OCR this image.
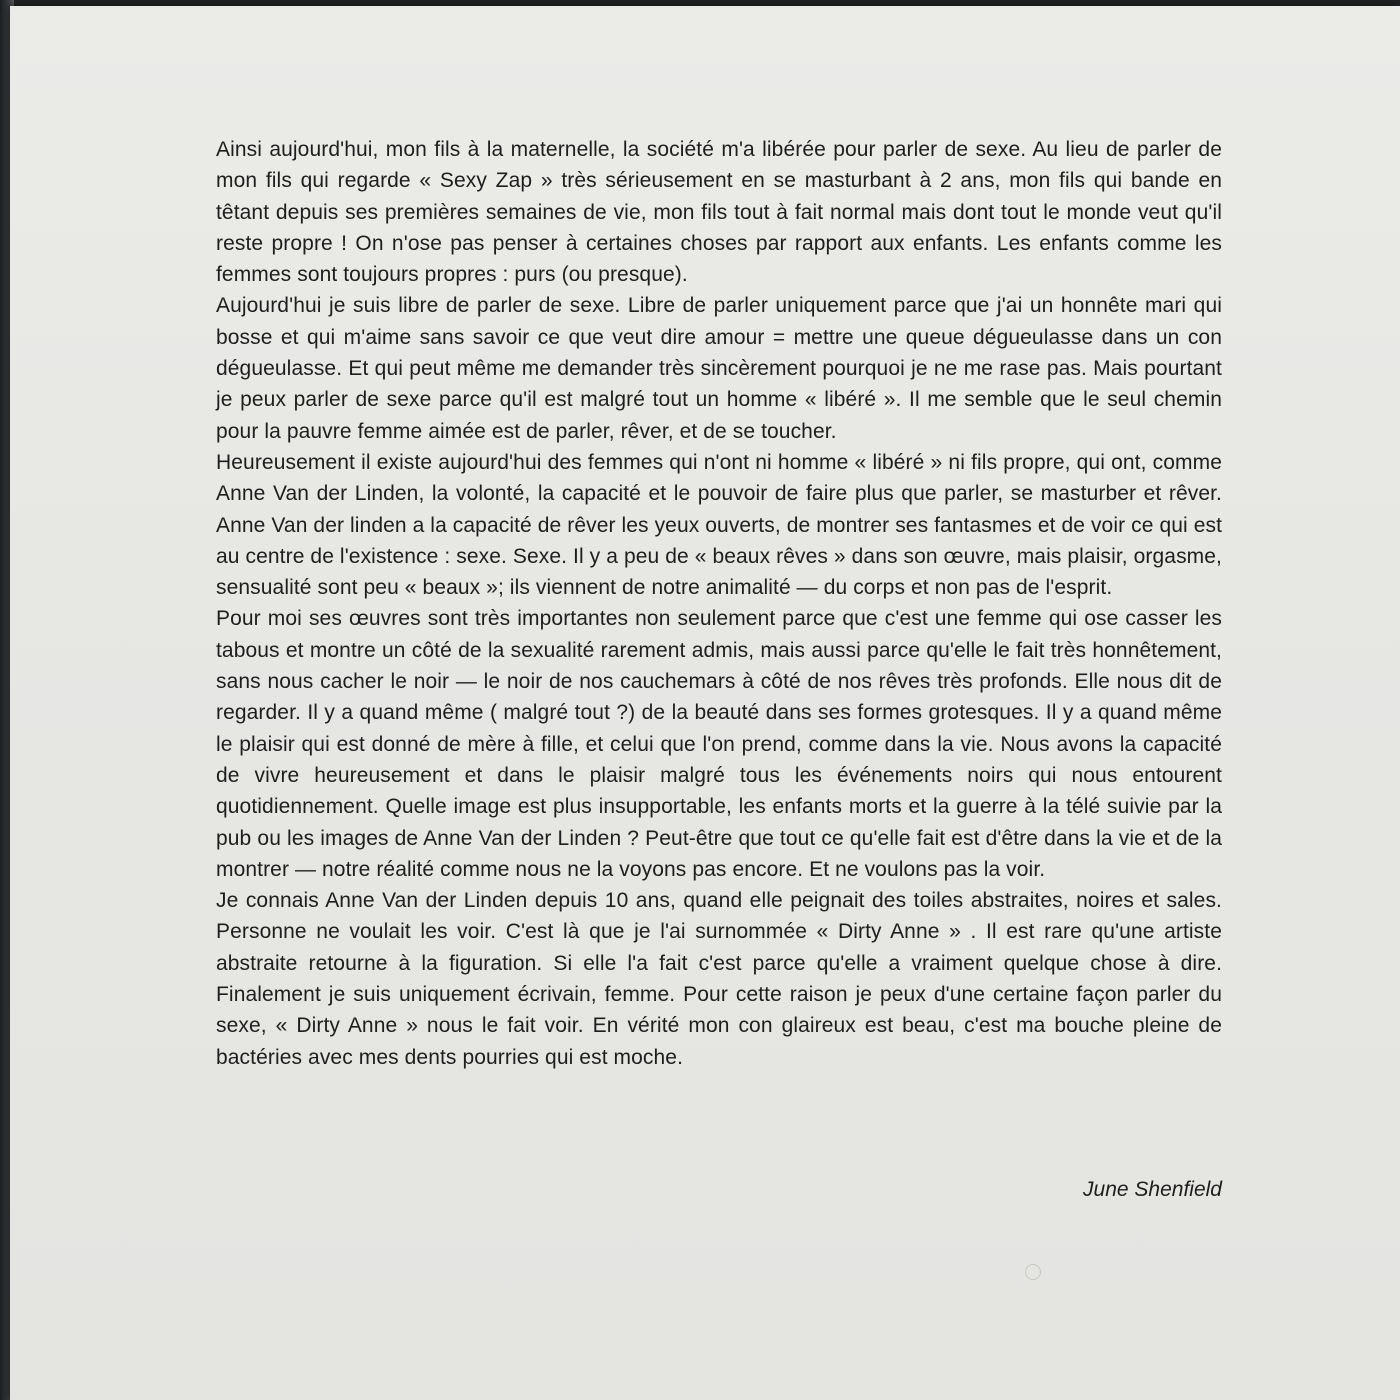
Ainsi aujourd'hui, mon fils à la maternelle, la société m'a libérée pour parler de sexe. Au lieu de parler de mon fils qui regarde « Sexy Zap » très sérieusement en se masturbant à 2 ans, mon fils qui bande en têtant depuis ses premières semaines de vie, mon fils tout à fait normal mais dont tout le monde veut qu'il reste propre ! On n'ose pas penser à certaines choses par rapport aux enfants. Les enfants comme les femmes sont toujours propres : purs (ou presque).

Aujourd'hui je suis libre de parler de sexe. Libre de parler uniquement parce que j'ai un honnête mari qui bosse et qui m'aime sans savoir ce que veut dire amour = mettre une queue dégueulasse dans un con dégueulasse. Et qui peut même me demander très sincèrement pourquoi je ne me rase pas. Mais pourtant je peux parler de sexe parce qu'il est malgré tout un homme « libéré ». Il me semble que le seul chemin pour la pauvre femme aimée est de parler, rêver, et de se toucher.

Heureusement il existe aujourd'hui des femmes qui n'ont ni homme « libéré » ni fils propre, qui ont, comme Anne Van der Linden, la volonté, la capacité et le pouvoir de faire plus que parler, se masturber et rêver. Anne Van der linden a la capacité de rêver les yeux ouverts, de montrer ses fantasmes et de voir ce qui est au centre de l'existence : sexe. Sexe. Il y a peu de « beaux rêves » dans son œuvre, mais plaisir, orgasme, sensualité sont peu « beaux »; ils viennent de notre animalité — du corps et non pas de l'esprit.

Pour moi ses œuvres sont très importantes non seulement parce que c'est une femme qui ose casser les tabous et montre un côté de la sexualité rarement admis, mais aussi parce qu'elle le fait très honnêtement, sans nous cacher le noir — le noir de nos cauchemars à côté de nos rêves très profonds. Elle nous dit de regarder. Il y a quand même ( malgré tout ?) de la beauté dans ses formes grotesques. Il y a quand même le plaisir qui est donné de mère à fille, et celui que l'on prend, comme dans la vie. Nous avons la capacité de vivre heureusement et dans le plaisir malgré tous les événements noirs qui nous entourent quotidiennement. Quelle image est plus insupportable, les enfants morts et la guerre à la télé suivie par la pub ou les images de Anne Van der Linden ? Peut-être que tout ce qu'elle fait est d'être dans la vie et de la montrer — notre réalité comme nous ne la voyons pas encore. Et ne voulons pas la voir.

Je connais Anne Van der Linden depuis 10 ans, quand elle peignait des toiles abstraites, noires et sales. Personne ne voulait les voir. C'est là que je l'ai surnommée « Dirty Anne » . Il est rare qu'une artiste abstraite retourne à la figuration. Si elle l'a fait c'est parce qu'elle a vraiment quelque chose à dire. Finalement je suis uniquement écrivain, femme. Pour cette raison je peux d'une certaine façon parler du sexe, « Dirty Anne » nous le fait voir. En vérité mon con glaireux est beau, c'est ma bouche pleine de bactéries avec mes dents pourries qui est moche.

June Shenfield
